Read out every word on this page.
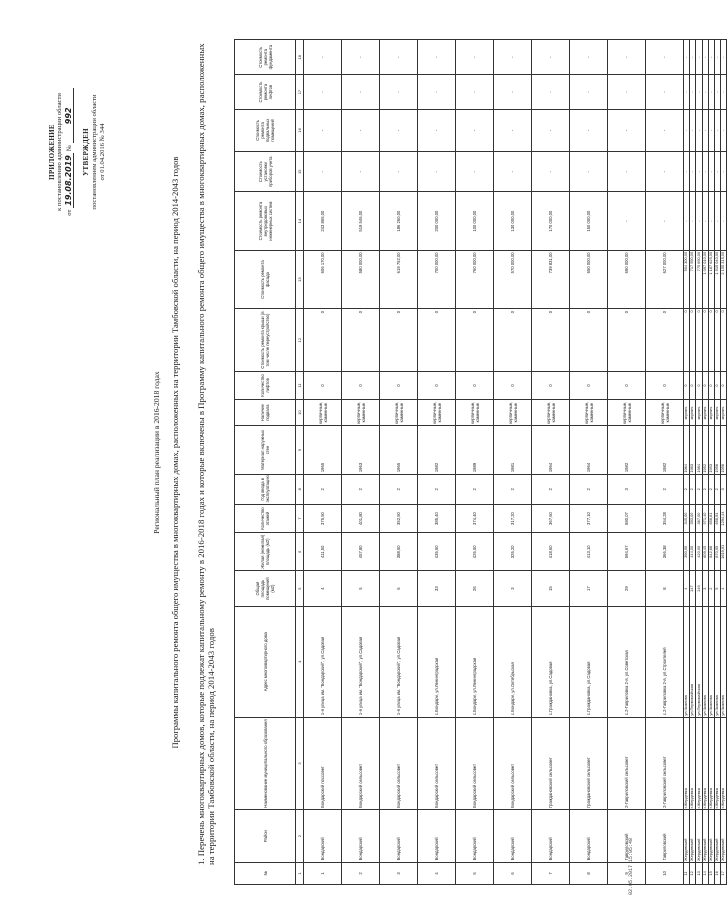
ПРИЛОЖЕНИЕ к постановлению администрации области
от 19.08.2019 № 992
УТВЕРЖДЕН постановлением администрации области от 01.04.2016 № 344
Региональный план реализации в 2016-2018 годах Программы капитального ремонта общего имущества в многоквартирных домах, расположенных на территории Тамбовской области, на период 2014-2043 годов 1. Перечень многоквартирных домов, которые подлежат капитальному ремонту в 2016-2018 годах и которые включены в Программу капитального ремонта общего имущества в многоквартирных домах, расположенных на территории Тамбовской области, на период 2014-2043 годов
№	Район	Наименование муниципального образования	Адрес многоквартирного дома	Общая площадь помещений (м2)	Жилая (нежилая) площадь (м2)	Количество этажей	Год ввода в эксплуатацию	Материал наружных стен	Наличие подвала	Количество лифтов	Стоимость ремонта крыши (в том числе переустройство)	Стоимость ремонта фасада	Стоимость ремонта внутридомовых инженерных систем	Стоимость установки приборов учета	Стоимость ремонта подвальных помещений	Стоимость ремонта лифтов	Стоимость ремонта фундамента
1	2	3	4	5	6	7	8	9	10	11	12	13	14	15	16	17	18
1	Бондарский	Бондарский поссовет	1-я улица им. "Бондарский", ул.Садовая	4	411,50	375,50	2	1965	кирпичные, каменные	0	0	606 170,00	243 865,00	-	-	-	-
2	Бондарский	Бондарский сельсовет	1-я улица им. "Бондарский", ул.Садовая	5	457,80	401,80	2	1963	кирпичные, каменные	0	0	580 000,00	519 546,00	-	-	-	-
3	Бондарский	Бондарский сельсовет	1-я улица им. "Бондарский", ул.Садовая	6	388,50	352,50	2	1965	кирпичные, каменные	0	0	619 752,00	186 260,00	-	-	-	-
4	Бондарский	Бондарский сельсовет	с.Бондари, ул.Ленинградская	33	435,50	385,40	2	1982	кирпичные, каменные	0	0	700 000,00	200 000,00	-	-	-	-
5	Бондарский	Бондарский сельсовет	с.Бондари, ул.Ленинградская	26	426,50	374,40	2	1989	кирпичные, каменные	0	0	760 000,00	100 000,00	-	-	-	-
6	Бондарский	Бондарский сельсовет	с.Бондари, ул.Октябрьская	3	326,20	317,20	2	1981	кирпичные, каменные	0	0	570 000,00	130 000,00	-	-	-	-
7	Бондарский	Граждановский сельсовет	с.Граждановка, ул.Садовая	15	418,60	367,60	2	1964	кирпичные, каменные	0	0	739 831,00	170 000,00	-	-	-	-
8	Бондарский	Граждановский сельсовет	с.Граждановка, ул.Садовая	17	413,10	377,10	2	1964	кирпичные, каменные	0	0	650 000,00	150 000,00	-	-	-	-
9	Гавриловский	2-Гавриловский сельсовет	с.2-Гавриловка 2-я, ул.Советская	29	594,67	580,07	3	1982	кирпичные, каменные	0	0	690 000,00	-	-	-	-	-
10	Гавриловский	2-Гавриловский сельсовет	с.2-Гавриловка 2-я, ул.Строителей	8	366,38	354,28	2	1982	кирпичные, каменные	0	0	627 000,00	-	-	-	-	-
11	Жердевский	г.Жердевка	ул.Чкалова	4	390,00	345,00	2	1964	кирпич.	0	0	504 300,00	-	-	-	-	-
12	Жердевский	г.Жердевка	ул.Первомайская	147	444,00	393,00	2	1983	кирпич.	0	0	717 550,00	-	-	-	-	-
13	Жердевский	г.Жердевка	ул.Первомайская	149	420,00	367,00	2	1984	кирпич.	0	0	775 650,00	-	-	-	-	-
14	Жердевский	г.Жердевка	ул.Чкалова	3	609,45	571,40	2	1952	кирпич.	0	0	1 097 010,00	-	-	-	-	-
15	Жердевский	г.Жердевка	ул.Чкалова	2	842,68	658,61	2	1953	кирпич.	0	0	1 187 625,00	-	-	-	-	-
16	Жердевский	г.Жердевка	ул.Чкалова	5	870,55	658,91	2	1956	кирпич.	0	0	1 515 040,00	-	-	-	-	-
17	Жердевский	г.Жердевка	ул.Чкалова	4	1619,91	1294,44	3	1956	кирпич.	0	0	2 155 315,00	-	-	-	-	-
02.05.2017 15:05:48
